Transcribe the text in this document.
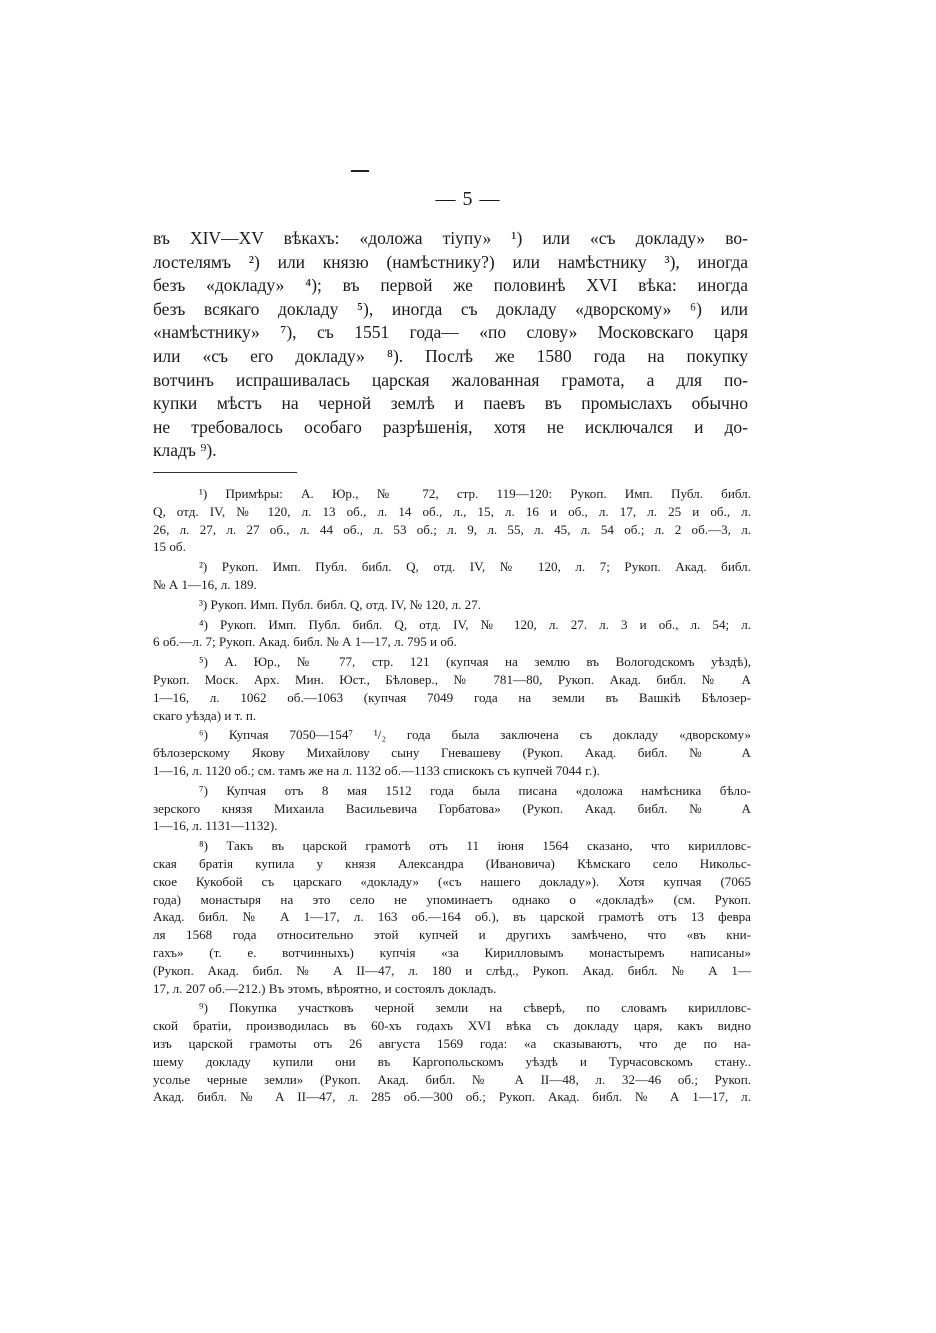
— 5 —
въ XIV—XV вѣкахъ: «доложа тіупу» ¹) или «съ докладу» во-
лостелямъ ²) или князю (намѣстнику?) или намѣстнику ³), иногда
безъ «докладу» ⁴); въ первой же половинѣ XVI вѣка: иногда
безъ всякаго докладу ⁵), иногда съ докладу «дворскому» ⁶) или
«намѣстнику» ⁷), съ 1551 года— «по слову» Московскаго царя
или «съ его докладу» ⁸). Послѣ же 1580 года на покупку
вотчинъ испрашивалась царская жалованная грамота, а для по-
купки мѣстъ на черной землѣ и паевъ въ промыслахъ обычно
не требовалось особаго разрѣшенія, хотя не исключался и до-
кладъ ⁹).
¹) Примѣры: А. Юр., № 72, стр. 119—120: Рукоп. Имп. Публ. библ.
Q, отд. IV, № 120, л. 13 об., л. 14 об., л., 15, л. 16 и об., л. 17, л. 25 и об., л.
26, л. 27, л. 27 об., л. 44 об., л. 53 об.; л. 9, л. 55, л. 45, л. 54 об.; л. 2 об.—3, л.
15 об.
²) Рукоп. Имп. Публ. библ. Q, отд. IV, № 120, л. 7; Рукоп. Акад. библ.
№ А 1—16, л. 189.
³) Рукоп. Имп. Публ. библ. Q, отд. IV, № 120, л. 27.
⁴) Рукоп. Имп. Публ. библ. Q, отд. IV, № 120, л. 27. л. 3 и об., л. 54; л.
6 об.—л. 7; Рукоп. Акад. библ. № А 1—17, л. 795 и об.
⁵) А. Юр., № 77, стр. 121 (купчая на землю въ Вологодскомъ уѣздѣ),
Рукоп. Моск. Арх. Мин. Юст., Бѣловер., № 781—80, Рукоп. Акад. библ. № А
1—16, л. 1062 об.—1063 (купчая 7049 года на земли въ Вашкiѣ Бѣлозер-
скаго уѣзда) и т. п.
⁶) Купчая 7050—154⁷ ¹/₂ года была заключена съ докладу «дворскому»
бѣлозерскому Якову Михайлову сыну Гневашеву (Рукоп. Акад. библ. № А
1—16, л. 1120 об.; см. тамъ же на л. 1132 об.—1133 спискокъ съ купчей 7044 г.).
⁷) Купчая отъ 8 мая 1512 года была писана «доложа намѣсника бѣло-
зерского князя Михаила Васильевича Горбатова» (Рукоп. Акад. библ. № А
1—16, л. 1131—1132).
⁸) Такъ въ царской грамотѣ отъ 11 іюня 1564 сказано, что кирилловс-
ская братія купила у князя Александра (Ивановича) Кѣмскаго село Никольс-
ское Кукобой съ царскаго «докладу» («съ нашего докладу»). Хотя купчая (7065
года) монастыря на это село не упоминаетъ однако о «докладѣ» (см. Рукоп.
Акад. библ. № А 1—17, л. 163 об.—164 об.), въ царской грамотѣ отъ 13 февра
ля 1568 года относительно этой купчей и другихъ замѣчено, что «въ кни-
гахъ» (т. е. вотчинныхъ) купчія «за Кирилловымъ монастыремъ написаны»
(Рукоп. Акад. библ. № А II—47, л. 180 и слѣд., Рукоп. Акад. библ. № А 1—
17, л. 207 об.—212.) Въ этомъ, вѣроятно, и состоялъ докладъ.
⁹) Покупка участковъ черной земли на сѣверѣ, по словамъ кирилловс-
ской братіи, производилась въ 60-хъ годахъ XVI вѣка съ докладу царя, какъ видно
изъ царской грамоты отъ 26 августа 1569 года: «а сказываютъ, что де по на-
шему докладу купили они въ Каргопольскомъ уѣздѣ и Турчасовскомъ стану..
усолье черные земли» (Рукоп. Акад. библ. № А II—48, л. 32—46 об.; Рукоп.
Акад. библ. № А II—47, л. 285 об.—300 об.; Рукоп. Акад. библ. № А 1—17, л.
